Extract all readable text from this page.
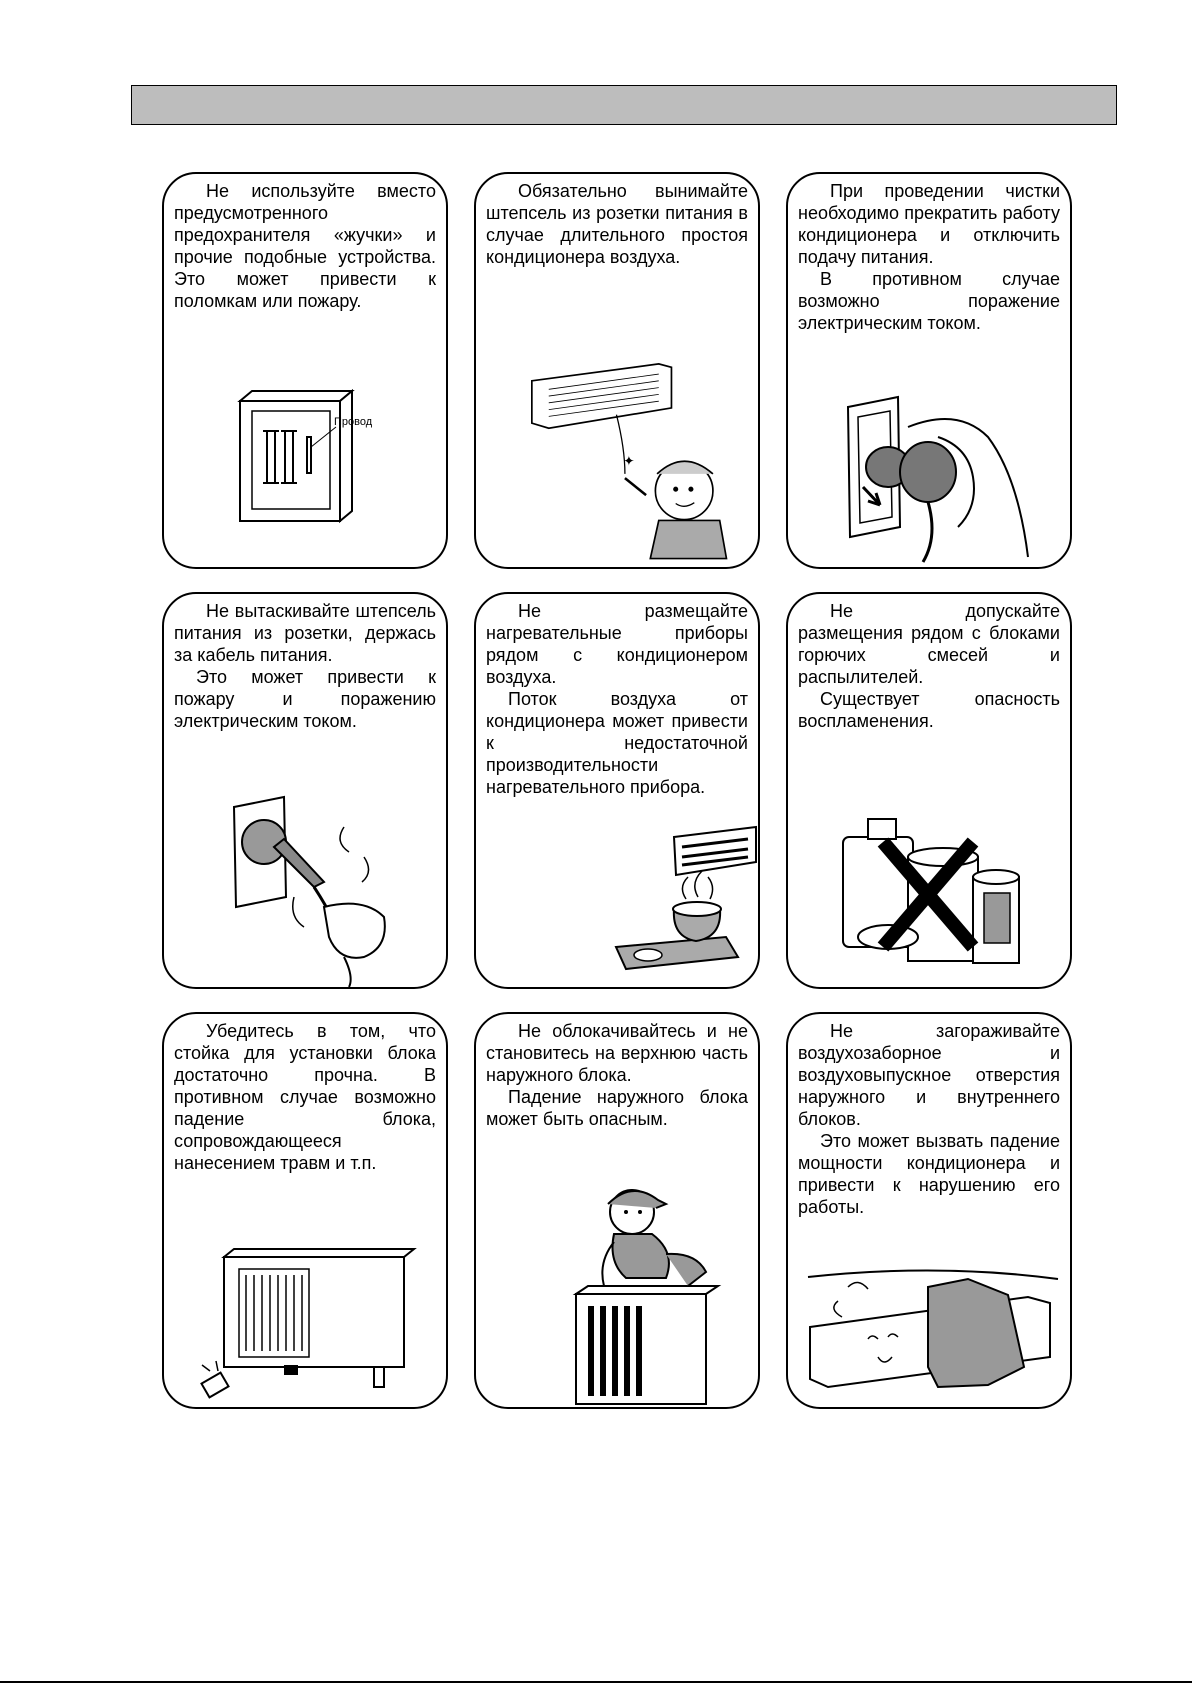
Не используйте вместо предусмотренного предохранителя «жучки» и прочие подобные устройства. Это может привести к поломкам или пожару.

Провод

Обязательно вынимайте штепсель из розетки питания в случае длительного простоя кондиционера воздуха.

✦

При проведении чистки необходимо прекратить работу кондиционера и отключить подачу питания.

В противном случае возможно поражение электрическим током.

Не вытаскивайте штепсель питания из розетки, держась за кабель питания.

Это может привести к пожару и поражению электрическим током.

Не размещайте нагревательные приборы рядом с кондиционером воздуха.

Поток воздуха от кондиционера может привести к недостаточной производительности нагревательного прибора.

Не допускайте размещения рядом с блоками горючих смесей и распылителей.

Существует опасность воспламенения.

Убедитесь в том, что стойка для установки блока достаточно прочна. В противном случае возможно падение блока, сопровождающееся нанесением травм и т.п.

Не облокачивайтесь и не становитесь на верхнюю часть наружного блока.

Падение наружного блока может быть опасным.

Не загораживайте воздухозаборное и воздуховыпускное отверстия наружного и внутреннего блоков.

Это может вызвать падение мощности кондиционера и привести к нарушению его работы.
